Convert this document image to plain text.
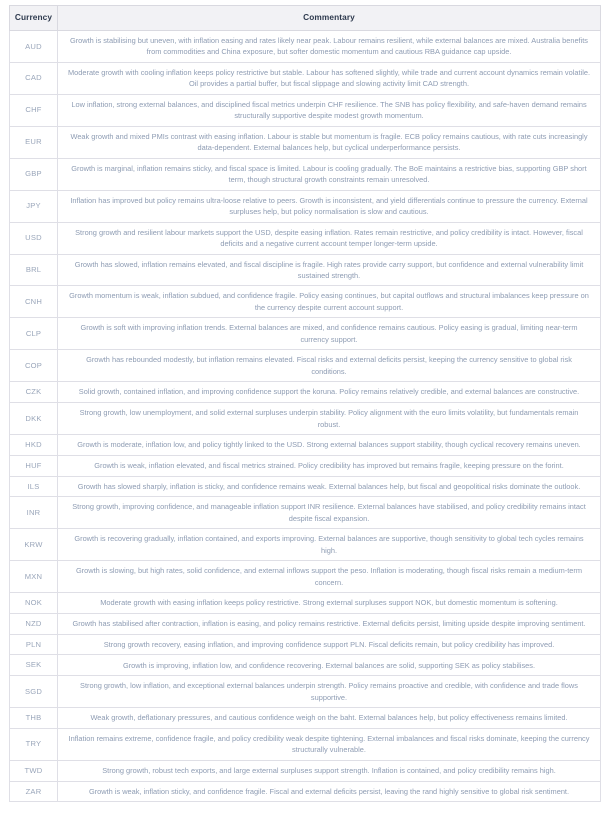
Currency	Commentary
AUD	Growth is stabilising but uneven, with inflation easing and rates likely near peak. Labour remains resilient, while external balances are mixed. Australia benefits from commodities and China exposure, but softer domestic momentum and cautious RBA guidance cap upside.
CAD	Moderate growth with cooling inflation keeps policy restrictive but stable. Labour has softened slightly, while trade and current account dynamics remain volatile. Oil provides a partial buffer, but fiscal slippage and slowing activity limit CAD strength.
CHF	Low inflation, strong external balances, and disciplined fiscal metrics underpin CHF resilience. The SNB has policy flexibility, and safe-haven demand remains structurally supportive despite modest growth momentum.
EUR	Weak growth and mixed PMIs contrast with easing inflation. Labour is stable but momentum is fragile. ECB policy remains cautious, with rate cuts increasingly data-dependent. External balances help, but cyclical underperformance persists.
GBP	Growth is marginal, inflation remains sticky, and fiscal space is limited. Labour is cooling gradually. The BoE maintains a restrictive bias, supporting GBP short term, though structural growth constraints remain unresolved.
JPY	Inflation has improved but policy remains ultra-loose relative to peers. Growth is inconsistent, and yield differentials continue to pressure the currency. External surpluses help, but policy normalisation is slow and cautious.
USD	Strong growth and resilient labour markets support the USD, despite easing inflation. Rates remain restrictive, and policy credibility is intact. However, fiscal deficits and a negative current account temper longer-term upside.
BRL	Growth has slowed, inflation remains elevated, and fiscal discipline is fragile. High rates provide carry support, but confidence and external vulnerability limit sustained strength.
CNH	Growth momentum is weak, inflation subdued, and confidence fragile. Policy easing continues, but capital outflows and structural imbalances keep pressure on the currency despite current account support.
CLP	Growth is soft with improving inflation trends. External balances are mixed, and confidence remains cautious. Policy easing is gradual, limiting near-term currency support.
COP	Growth has rebounded modestly, but inflation remains elevated. Fiscal risks and external deficits persist, keeping the currency sensitive to global risk conditions.
CZK	Solid growth, contained inflation, and improving confidence support the koruna. Policy remains relatively credible, and external balances are constructive.
DKK	Strong growth, low unemployment, and solid external surpluses underpin stability. Policy alignment with the euro limits volatility, but fundamentals remain robust.
HKD	Growth is moderate, inflation low, and policy tightly linked to the USD. Strong external balances support stability, though cyclical recovery remains uneven.
HUF	Growth is weak, inflation elevated, and fiscal metrics strained. Policy credibility has improved but remains fragile, keeping pressure on the forint.
ILS	Growth has slowed sharply, inflation is sticky, and confidence remains weak. External balances help, but fiscal and geopolitical risks dominate the outlook.
INR	Strong growth, improving confidence, and manageable inflation support INR resilience. External balances have stabilised, and policy credibility remains intact despite fiscal expansion.
KRW	Growth is recovering gradually, inflation contained, and exports improving. External balances are supportive, though sensitivity to global tech cycles remains high.
MXN	Growth is slowing, but high rates, solid confidence, and external inflows support the peso. Inflation is moderating, though fiscal risks remain a medium-term concern.
NOK	Moderate growth with easing inflation keeps policy restrictive. Strong external surpluses support NOK, but domestic momentum is softening.
NZD	Growth has stabilised after contraction, inflation is easing, and policy remains restrictive. External deficits persist, limiting upside despite improving sentiment.
PLN	Strong growth recovery, easing inflation, and improving confidence support PLN. Fiscal deficits remain, but policy credibility has improved.
SEK	Growth is improving, inflation low, and confidence recovering. External balances are solid, supporting SEK as policy stabilises.
SGD	Strong growth, low inflation, and exceptional external balances underpin strength. Policy remains proactive and credible, with confidence and trade flows supportive.
THB	Weak growth, deflationary pressures, and cautious confidence weigh on the baht. External balances help, but policy effectiveness remains limited.
TRY	Inflation remains extreme, confidence fragile, and policy credibility weak despite tightening. External imbalances and fiscal risks dominate, keeping the currency structurally vulnerable.
TWD	Strong growth, robust tech exports, and large external surpluses support strength. Inflation is contained, and policy credibility remains high.
ZAR	Growth is weak, inflation sticky, and confidence fragile. Fiscal and external deficits persist, leaving the rand highly sensitive to global risk sentiment.
